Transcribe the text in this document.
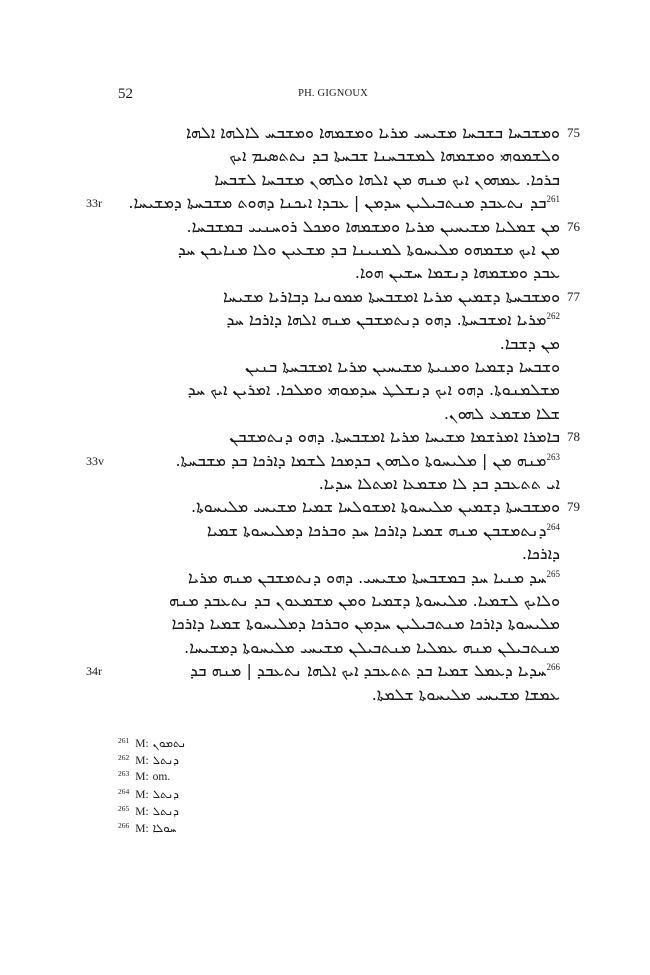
52	PH. GIGNOUX
ܘܡܫܒܚܐ ܒܫܒܚܐ ܡܫܝܚܝ ܡܪܝܐ ܘܡܫܡܗܐ ܘܡܫܒܚ ܠܐܠܗܐ ܐܠܗܐ 75
ܘܠܫܡܘܗܝ ܘܡܫܡܗܐ ܠܡܫܒܚܢܐ ܫܒܚܬܐ ܒܕ ܢܬܬܣܝܡ ܐܝܟ
ܒܪܟܐ. ܥܡܗܘܢ ܐܝܟ ܡܢܗ ܡܢ ܐܠܗܐ ܘܠܗܘܢ ܡܫܒܚܐ ܠܫܒܚܐ
$^{261}$ܒܕ ܢܬܥܒܕ ܡܢܬܒܝܠܝܢ ܚܕܡܢ | ܥܒܕܐ ܐܝܟܢܐ ܕܗܘܬ ܡܫܒܚܬܐ ܕܡܫܝܚܐ.
33r
ܡܢ ܫܡܠܝܐ ܡܫܝܚܝܢ ܡܪܝܐ ܘܡܫܡܗܐ ܘܡܟܠ ܪܘܚܢܝܝ ܒܡܫܒܚܐ. 76
ܡܢ ܐܝܟ ܡܫܡܗܘ ܡܠܝܚܘܬܐ ܠܡܢܝܢܐ ܒܕ ܡܫܥܝܢ ܘܠܐ ܡܢܐܝܟܢ ܚܕ
ܥܒܕ ܘܡܫܡܗܐ ܕܢܫܡܐ ܚܫܝܢ ܗܘܐ.
ܘܡܫܒܚܬܐ ܕܫܡܝܢ ܡܪܝܐ ܐܡܫܒܚܬܐ ܡܡܘܢܝܐ ܕܒܐܪܝܐ ܡܫܝܚܐ 77
$^{262}$ܡܪܝܐ ܐܡܫܒܚܬܐ. ܕܗܘ ܕܢܬܡܫܒܢ ܡܢܗ ܐܠܗܐ ܕܐܪܟܐ ܚܕ
ܡܢ ܕܫܒܐ.
ܘܫܒܚܐ ܕܫܡܝܐ ܘܡܢܝܬܐ ܡܫܝܚܝܢ ܡܪܝܐ ܐܡܫܒܚܬܐ ܒܢܝܢ
ܡܫܠܡܢܘܬܐ. ܕܗܘ ܐܝܟ ܕܢܫܠܛ ܚܕܡܘܗܝ ܘܡܠܟܐ. ܐܡܪܝܢ ܐܝܟ ܚܕ
ܫܠܐ ܡܫܡܥ ܠܗܘܢ.
ܒܐܡܪܐ ܐܡܪܫܡܐ ܡܫܝܚܐ ܡܪܝܐ ܐܡܫܒܚܬܐ. ܕܗܘ ܕܢܬܡܫܒܢ 78
$^{263}$ܡܢܗ ܡܢ | ܡܠܝܚܘܬܐ ܘܠܗܘܢ ܒܕܡܟܐ ܠܫܡܐ ܕܐܪܟܐ ܒܕ ܡܫܒܚܬܐ.
33v
ܐܝ ܬܬܥܒܕ ܒܕ ܠܐ ܡܫܡܥܐ ܐܡܬܠܐ ܚܕܝܐ.
ܘܡܫܒܚܬܐ ܕܫܡܝܢ ܡܠܝܚܘܬܐ ܐܡܫܘܠܚܐ ܫܡܝܐ ܡܫܝܚܝ ܡܠܝܚܘܬܐ. 79
$^{264}$ܕܢܬܡܫܒܢ ܡܢܗ ܫܡܝܐ ܕܐܪܟܐ ܚܕ ܘܒܪܟܐ ܕܡܠܝܚܘܬܐ ܫܡܝܐ
ܕܐܪܟܐ.
$^{265}$ܚܕ ܡܢܝܐ ܚܕ ܒܡܫܒܚܬܐ ܡܫܝܚܝ. ܕܗܘ ܕܢܬܡܫܒܢ ܡܢܗ ܡܪܝܐ
ܘܠܐܝܟ ܠܫܡܝܐ. ܡܠܝܚܘܬܐ ܕܫܡܝܐ ܘܡܢ ܡܫܡܥܘܢ ܒܕ ܢܬܥܒܕ ܡܢܗ
ܡܠܝܚܘܬܐ ܕܐܪܟܐ ܡܢܬܒܝܠܝܢ ܚܕܡܢ ܘܒܪܟܐ ܕܡܠܝܚܘܬܐ ܫܡܝܐ ܕܐܪܟܐ
ܡܢܬܒܝܠܢ ܡܢܗ ܥܡܠܝܐ ܡܢܬܒܝܠܢ ܡܫܝܚܝ ܡܠܝܚܘܬܐ ܕܡܫܝܚܐ.
$^{266}$ܚܕܝܐ ܕܥܡܠ ܫܡܝܐ ܒܕ ܬܬܥܒܕ ܐܝܟ ܐܠܗܐ ܢܬܥܒܕ | ܡܢܗ ܒܕ
34r
ܥܡܫܐ ܡܫܝܚܝ ܡܠܝܚܘܬܐ ܫܠܡܬܐ.
$^{261}$ M: ܢܬܡܘܢ
$^{262}$ M: ܕܢܬܠ
$^{263}$ M: om.
$^{264}$ M: ܕܢܬܠ
$^{265}$ M: ܕܢܬܠ
$^{266}$ M: ܚܘܠܐ
